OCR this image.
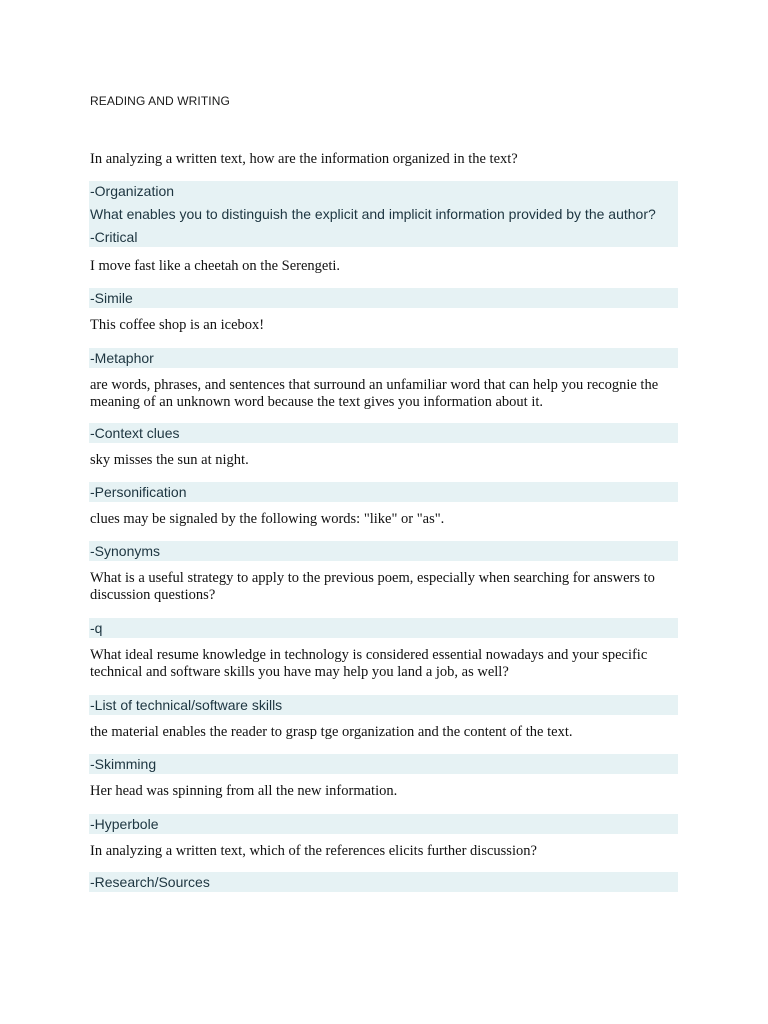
READING AND WRITING
In analyzing a written text, how are the information organized in the text?
-Organization
What enables you to distinguish the explicit and implicit information provided by the author?
-Critical
I move fast like a cheetah on the Serengeti.
-Simile
This coffee shop is an icebox!
-Metaphor
are words, phrases, and sentences that surround an unfamiliar word that can help you recognie the meaning of an unknown word because the text gives you information about it.
-Context clues
sky misses the sun at night.
-Personification
clues may be signaled by the following words: "like" or "as".
-Synonyms
What is a useful strategy to apply to the previous poem, especially when searching for answers to discussion questions?
-q
What ideal resume knowledge in technology is considered essential nowadays and your specific technical and software skills you have may help you land a job, as well?
-List of technical/software skills
the material enables the reader to grasp tge organization and the content of the text.
-Skimming
Her head was spinning from all the new information.
-Hyperbole
In analyzing a written text, which of the references elicits further discussion?
-Research/Sources
